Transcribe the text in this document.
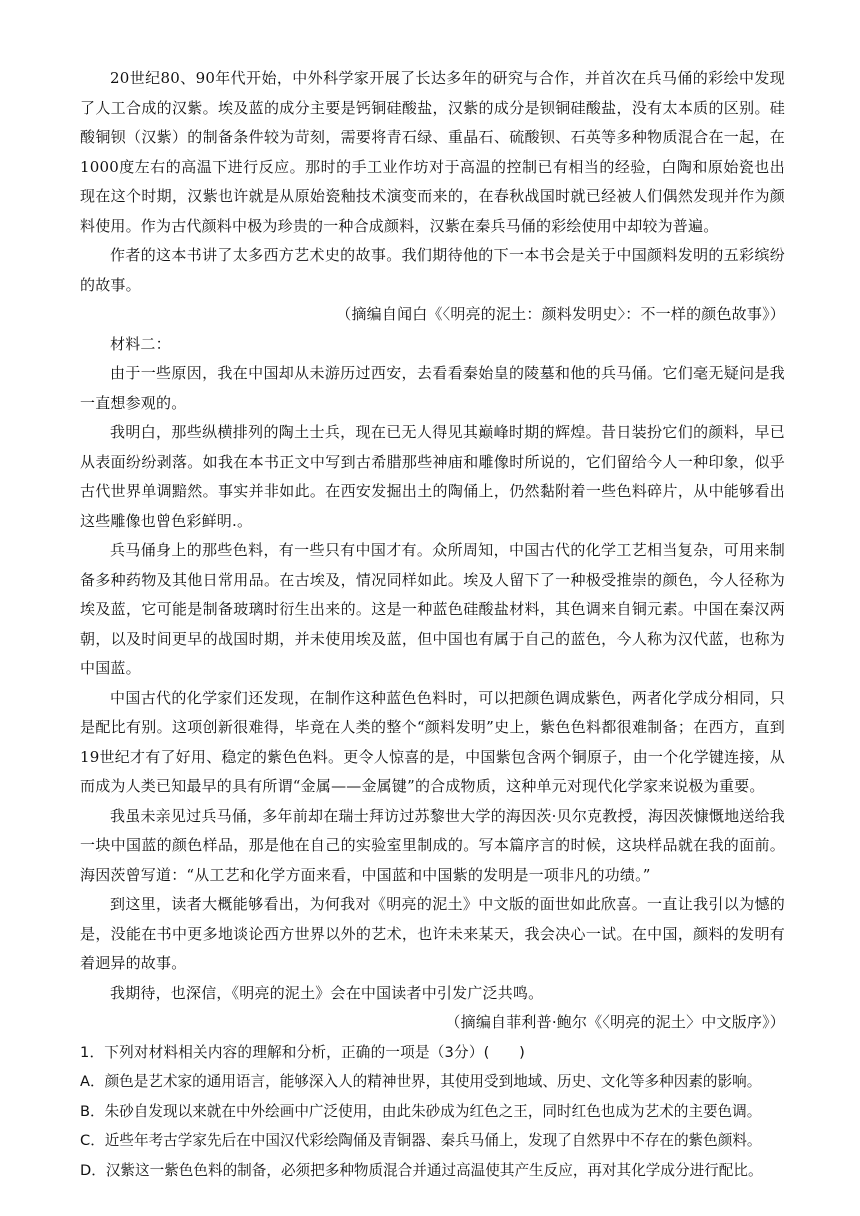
20世纪80、90年代开始，中外科学家开展了长达多年的研究与合作，并首次在兵马俑的彩绘中发现了人工合成的汉紫。埃及蓝的成分主要是钙铜硅酸盐，汉紫的成分是钡铜硅酸盐，没有太本质的区别。硅酸铜钡（汉紫）的制备条件较为苛刻，需要将青石绿、重晶石、硫酸钡、石英等多种物质混合在一起，在1000度左右的高温下进行反应。那时的手工业作坊对于高温的控制已有相当的经验，白陶和原始瓷也出现在这个时期，汉紫也许就是从原始瓷釉技术演变而来的，在春秋战国时就已经被人们偶然发现并作为颜料使用。作为古代颜料中极为珍贵的一种合成颜料，汉紫在秦兵马俑的彩绘使用中却较为普遍。

作者的这本书讲了太多西方艺术史的故事。我们期待他的下一本书会是关于中国颜料发明的五彩缤纷的故事。

（摘编自闻白《〈明亮的泥土：颜料发明史〉：不一样的颜色故事》）

材料二：

由于一些原因，我在中国却从未游历过西安，去看看秦始皇的陵墓和他的兵马俑。它们毫无疑问是我一直想参观的。

我明白，那些纵横排列的陶土士兵，现在已无人得见其巅峰时期的辉煌。昔日装扮它们的颜料，早已从表面纷纷剥落。如我在本书正文中写到古希腊那些神庙和雕像时所说的，它们留给今人一种印象，似乎古代世界单调黯然。事实并非如此。在西安发掘出土的陶俑上，仍然黏附着一些色料碎片，从中能够看出这些雕像也曾色彩鲜明.。

兵马俑身上的那些色料，有一些只有中国才有。众所周知，中国古代的化学工艺相当复杂，可用来制备多种药物及其他日常用品。在古埃及，情况同样如此。埃及人留下了一种极受推崇的颜色，今人径称为埃及蓝，它可能是制备玻璃时衍生出来的。这是一种蓝色硅酸盐材料，其色调来自铜元素。中国在秦汉两朝，以及时间更早的战国时期，并未使用埃及蓝，但中国也有属于自己的蓝色，今人称为汉代蓝，也称为中国蓝。

中国古代的化学家们还发现，在制作这种蓝色色料时，可以把颜色调成紫色，两者化学成分相同，只是配比有别。这项创新很难得，毕竟在人类的整个“颜料发明”史上，紫色色料都很难制备；在西方，直到19世纪才有了好用、稳定的紫色色料。更令人惊喜的是，中国紫包含两个铜原子，由一个化学键连接，从而成为人类已知最早的具有所谓“金属——金属键”的合成物质，这种单元对现代化学家来说极为重要。

我虽未亲见过兵马俑，多年前却在瑞士拜访过苏黎世大学的海因茨·贝尔克教授，海因茨慷慨地送给我一块中国蓝的颜色样品，那是他在自己的实验室里制成的。写本篇序言的时候，这块样品就在我的面前。海因茨曾写道：“从工艺和化学方面来看，中国蓝和中国紫的发明是一项非凡的功绩。”

到这里，读者大概能够看出，为何我对《明亮的泥土》中文版的面世如此欣喜。一直让我引以为憾的是，没能在书中更多地谈论西方世界以外的艺术，也许未来某天，我会决心一试。在中国，颜料的发明有着迥异的故事。

我期待，也深信，《明亮的泥土》会在中国读者中引发广泛共鸣。

（摘编自菲利普·鲍尔《〈明亮的泥土〉中文版序》）

1．下列对材料相关内容的理解和分析，正确的一项是（3分）(　　)

A．颜色是艺术家的通用语言，能够深入人的精神世界，其使用受到地域、历史、文化等多种因素的影响。

B．朱砂自发现以来就在中外绘画中广泛使用，由此朱砂成为红色之王，同时红色也成为艺术的主要色调。

C．近些年考古学家先后在中国汉代彩绘陶俑及青铜器、秦兵马俑上，发现了自然界中不存在的紫色颜料。

D．汉紫这一紫色色料的制备，必须把多种物质混合并通过高温使其产生反应，再对其化学成分进行配比。
